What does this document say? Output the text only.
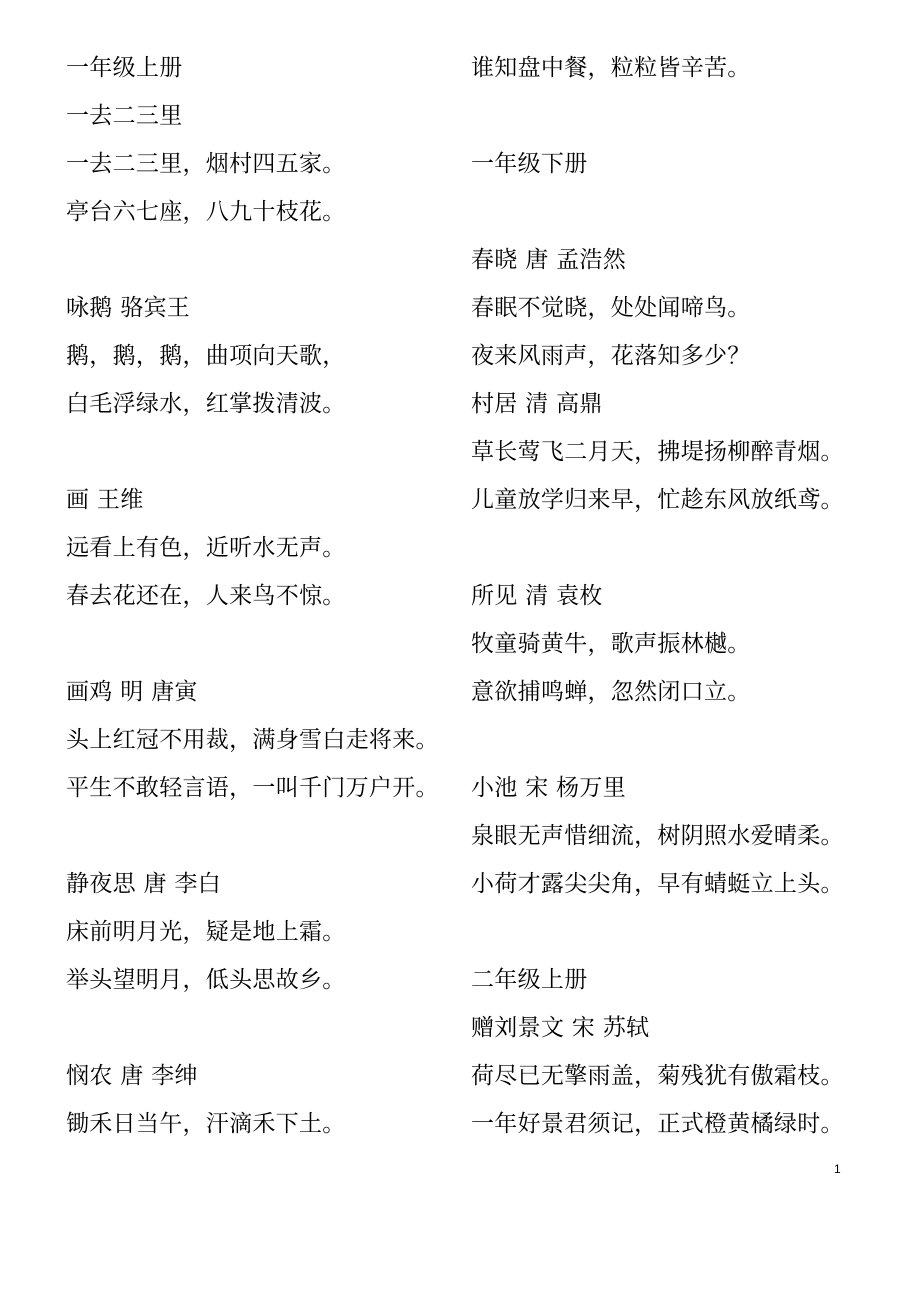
一年级上册
一去二三里
一去二三里，烟村四五家。
亭台六七座，八九十枝花。
咏鹅 骆宾王
鹅，鹅，鹅，曲项向天歌，
白毛浮绿水，红掌拨清波。
画 王维
远看上有色，近听水无声。
春去花还在，人来鸟不惊。
画鸡 明 唐寅
头上红冠不用裁，满身雪白走将来。
平生不敢轻言语，一叫千门万户开。
静夜思 唐 李白
床前明月光，疑是地上霜。
举头望明月，低头思故乡。
悯农 唐 李绅
锄禾日当午，汗滴禾下土。
谁知盘中餐，粒粒皆辛苦。
一年级下册
春晓 唐 孟浩然
春眠不觉晓，处处闻啼鸟。
夜来风雨声，花落知多少？
村居 清 高鼎
草长莺飞二月天，拂堤扬柳醉青烟。
儿童放学归来早，忙趁东风放纸鸢。
所见 清 袁枚
牧童骑黄牛，歌声振林樾。
意欲捕鸣蝉，忽然闭口立。
小池 宋 杨万里
泉眼无声惜细流，树阴照水爱晴柔。
小荷才露尖尖角，早有蜻蜓立上头。
二年级上册
赠刘景文 宋 苏轼
荷尽已无擎雨盖，菊残犹有傲霜枝。
一年好景君须记，正式橙黄橘绿时。
1
